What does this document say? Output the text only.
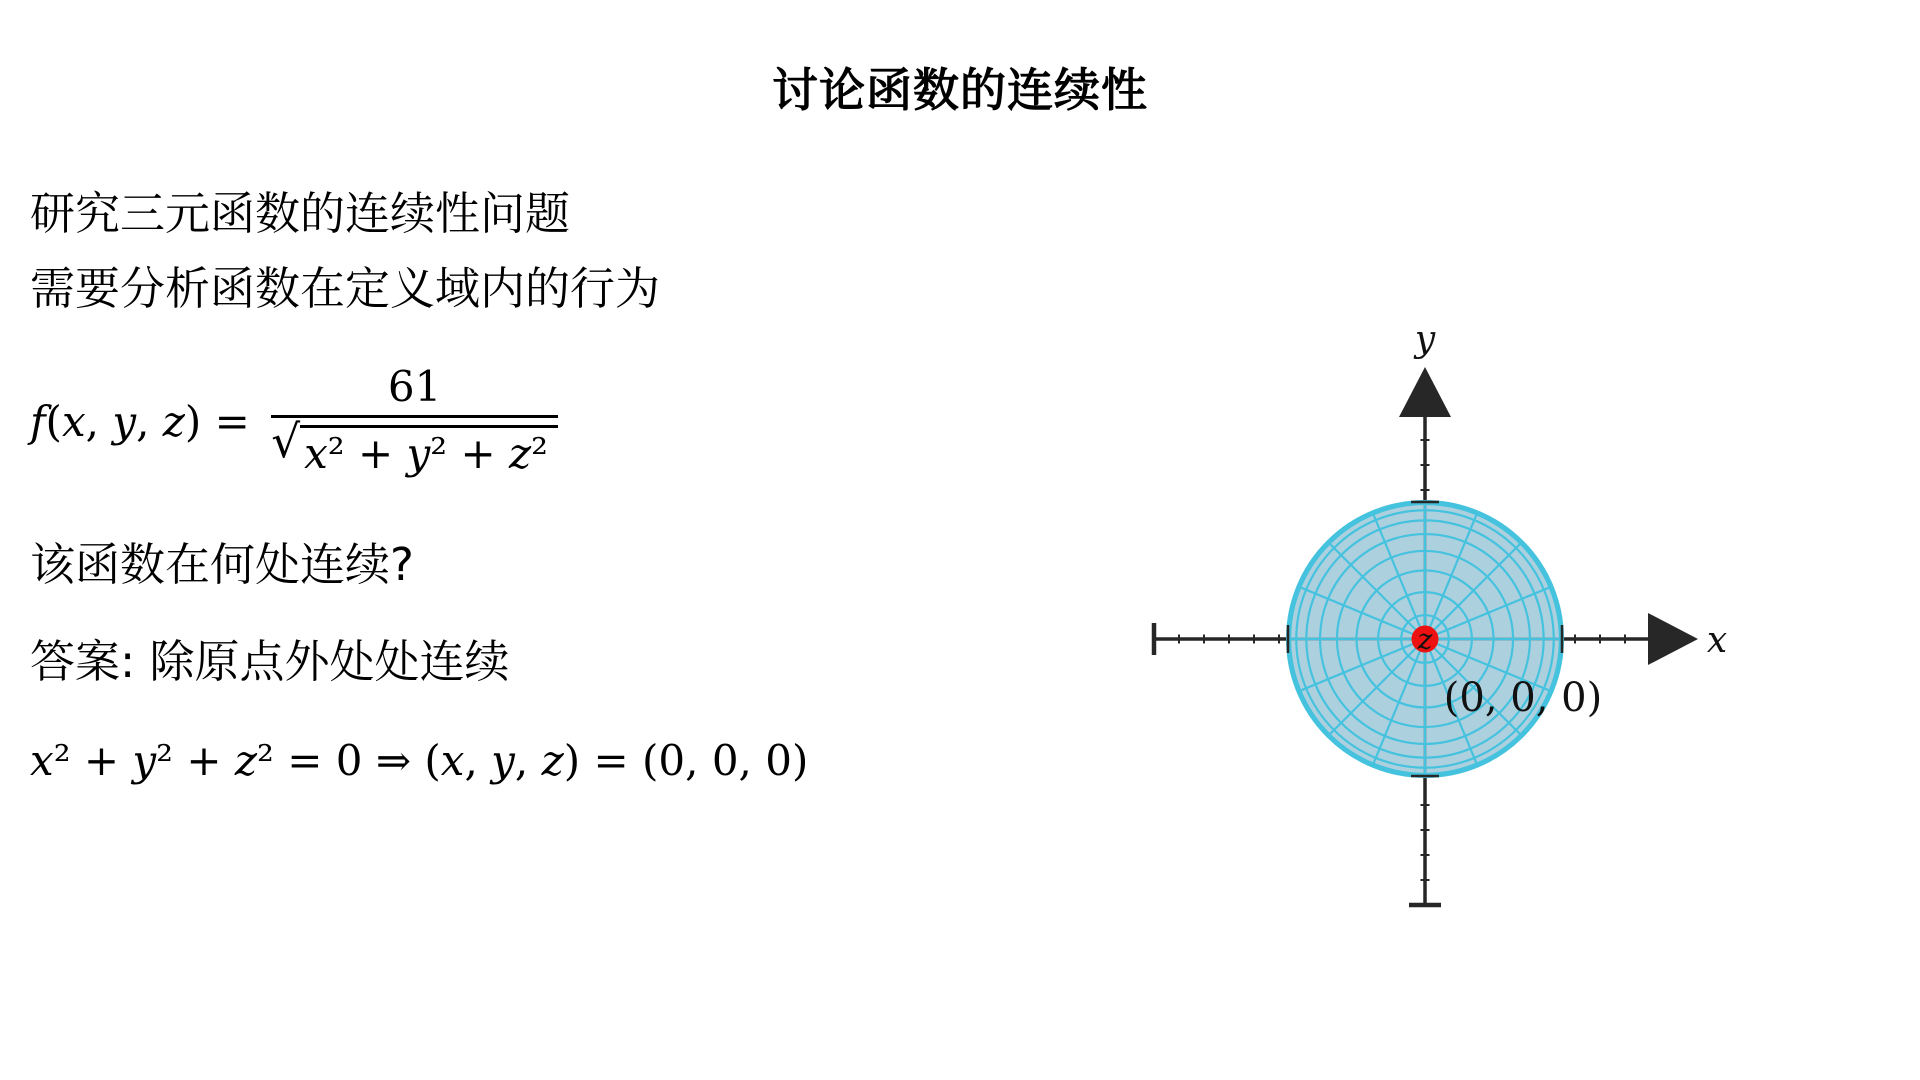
讨论函数的连续性
研究三元函数的连续性问题
需要分析函数在定义域内的行为
f(x, y, $z) = \frac{61}{\text{√ x² + y² + z²}}$
该函数在何处连续?
答案: 除原点外处处连续
x² + y² + z² = 0 ⇒ (x, y, z) = (0, 0, 0)
x
y
z
(0, 0, 0)
